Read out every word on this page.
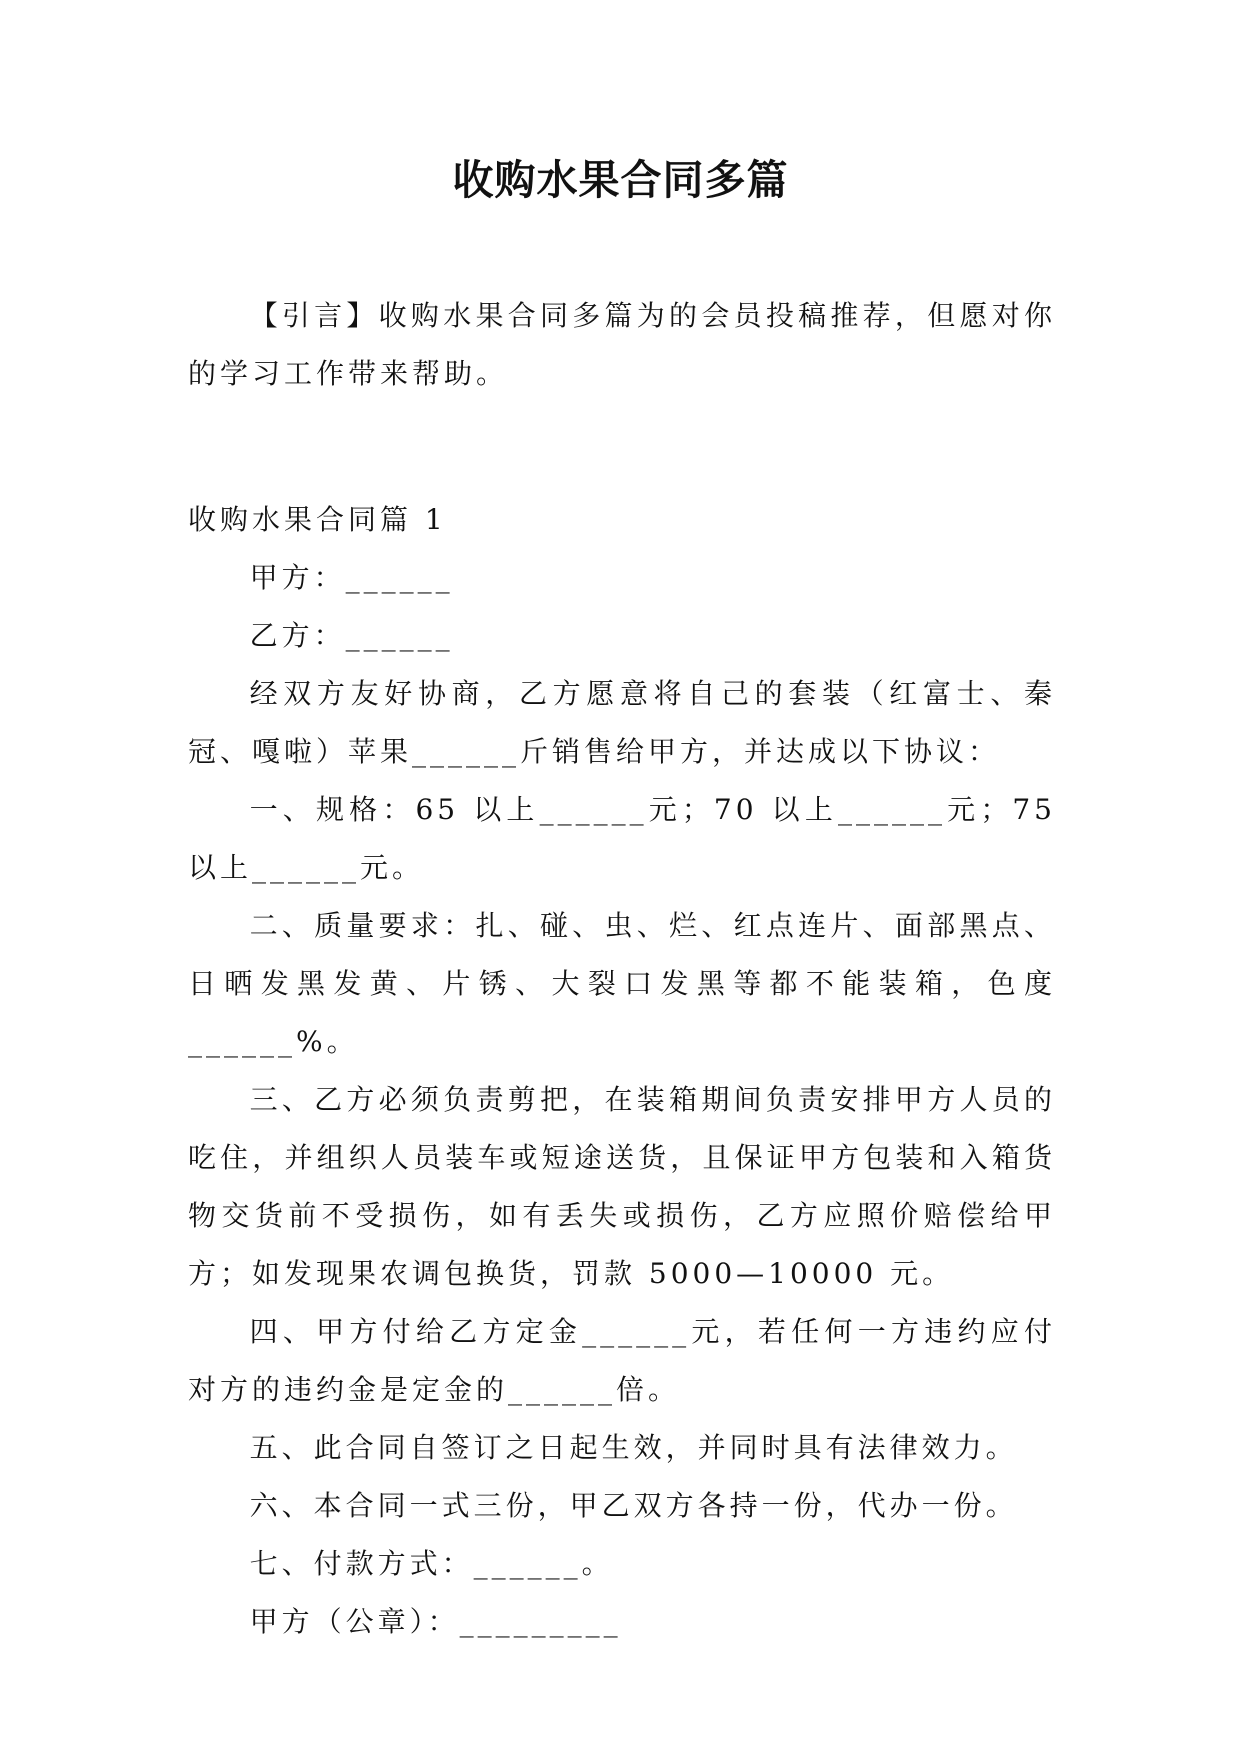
收购水果合同多篇

【引言】收购水果合同多篇为的会员投稿推荐，但愿对你的学习工作带来帮助。

收购水果合同篇 1

甲方：______

乙方：______

经双方友好协商，乙方愿意将自己的套装（红富士、秦冠、嘎啦）苹果______斤销售给甲方，并达成以下协议：

一、规格：65 以上______元；70 以上______元；75 以上______元。

二、质量要求：扎、碰、虫、烂、红点连片、面部黑点、日晒发黑发黄、片锈、大裂口发黑等都不能装箱，色度______%。

三、乙方必须负责剪把，在装箱期间负责安排甲方人员的吃住，并组织人员装车或短途送货，且保证甲方包装和入箱货物交货前不受损伤，如有丢失或损伤，乙方应照价赔偿给甲方；如发现果农调包换货，罚款 5000—10000 元。

四、甲方付给乙方定金______元，若任何一方违约应付对方的违约金是定金的______倍。

五、此合同自签订之日起生效，并同时具有法律效力。

六、本合同一式三份，甲乙双方各持一份，代办一份。

七、付款方式：______。

甲方（公章）：_________
